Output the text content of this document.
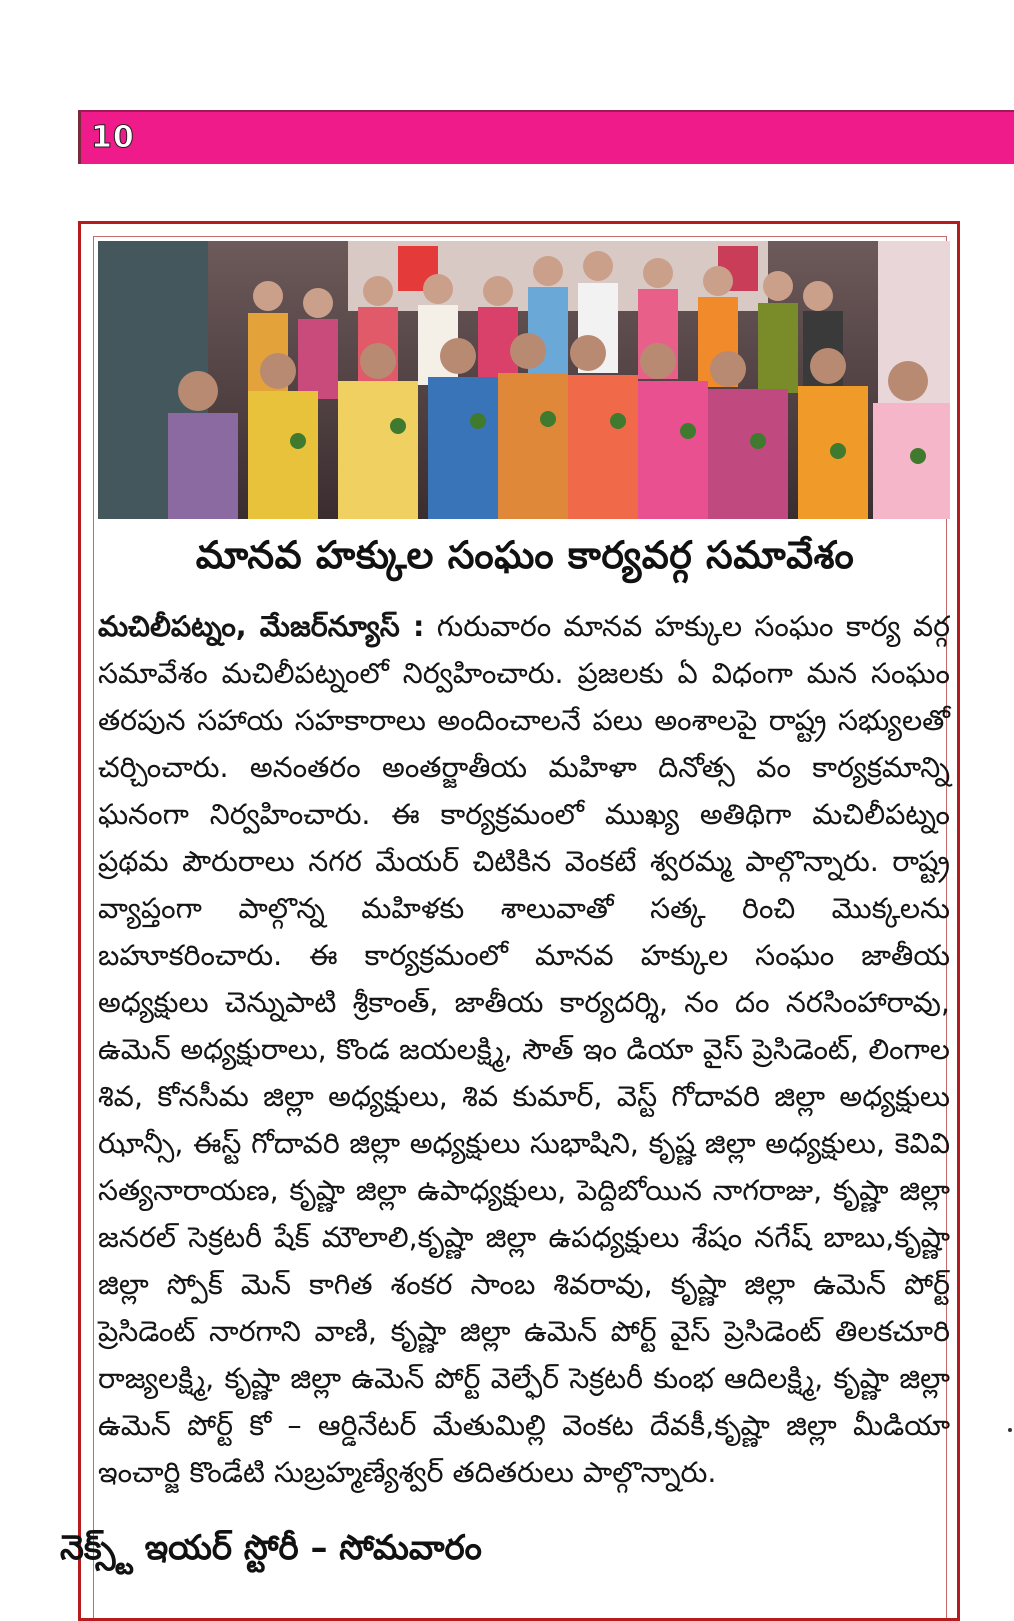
10
మానవ హక్కుల సంఘం కార్యవర్గ సమావేశం

మచిలీపట్నం, మేజర్‌న్యూస్ : గురువారం మానవ హక్కుల సంఘం కార్య వర్గ సమావేశం మచిలీపట్నంలో నిర్వహించారు. ప్రజలకు ఏ విధంగా మన సంఘం తరపున సహాయ సహకారాలు అందించాలనే పలు అంశాలపై రాష్ట్ర సభ్యులతో చర్చించారు. అనంతరం అంతర్జాతీయ మహిళా దినోత్స వం కార్యక్రమాన్ని ఘనంగా నిర్వహించారు. ఈ కార్యక్రమంలో ముఖ్య అతిథిగా మచిలీపట్నం ప్రథమ పౌరురాలు నగర మేయర్ చిటికిన వెంకటే శ్వరమ్మ పాల్గొన్నారు. రాష్ట్ర వ్యాప్తంగా పాల్గొన్న మహిళకు శాలువాతో సత్క రించి మొక్కలను బహూకరించారు. ఈ కార్యక్రమంలో మానవ హక్కుల సంఘం జాతీయ అధ్యక్షులు చెన్నుపాటి శ్రీకాంత్, జాతీయ కార్యదర్శి, నం దం నరసింహారావు, ఉమెన్ అధ్యక్షురాలు, కొండ జయలక్ష్మి, సౌత్ ఇం డియా వైస్ ప్రెసిడెంట్, లింగాల శివ, కోనసీమ జిల్లా అధ్యక్షులు, శివ కుమార్, వెస్ట్ గోదావరి జిల్లా అధ్యక్షులు ఝాన్సీ, ఈస్ట్ గోదావరి జిల్లా అధ్యక్షులు సుభాషిని, కృష్ణ జిల్లా అధ్యక్షులు, కెవివి సత్యనారాయణ, కృష్ణా జిల్లా ఉపాధ్యక్షులు, పెద్దిబోయిన నాగరాజు, కృష్ణా జిల్లా జనరల్ సెక్రటరీ షేక్ మౌలాలి,కృష్ణా జిల్లా ఉపధ్యక్షులు శేషం నగేష్ బాబు,కృష్ణా జిల్లా స్పోక్ మెన్ కాగిత శంకర సాంబ శివరావు, కృష్ణా జిల్లా ఉమెన్ పోర్ట్ ప్రెసిడెంట్ నారగాని వాణి, కృష్ణా జిల్లా ఉమెన్ పోర్ట్ వైస్ ప్రెసిడెంట్ తిలకచూరి రాజ్యలక్ష్మి, కృష్ణా జిల్లా ఉమెన్ పోర్ట్ వెల్ఫేర్ సెక్రటరీ కుంభ ఆదిలక్ష్మి, కృష్ణా జిల్లా ఉమెన్ పోర్ట్ కో – ఆర్డినేటర్ మేతుమిల్లి వెంకట దేవకీ,కృష్ణా జిల్లా మీడియా ఇంచార్జి కొండేటి సుబ్రహ్మణ్యేశ్వర్ తదితరులు పాల్గొన్నారు.

నెక్స్ట్ ఇయర్ స్టోరీ – సోమవారం
